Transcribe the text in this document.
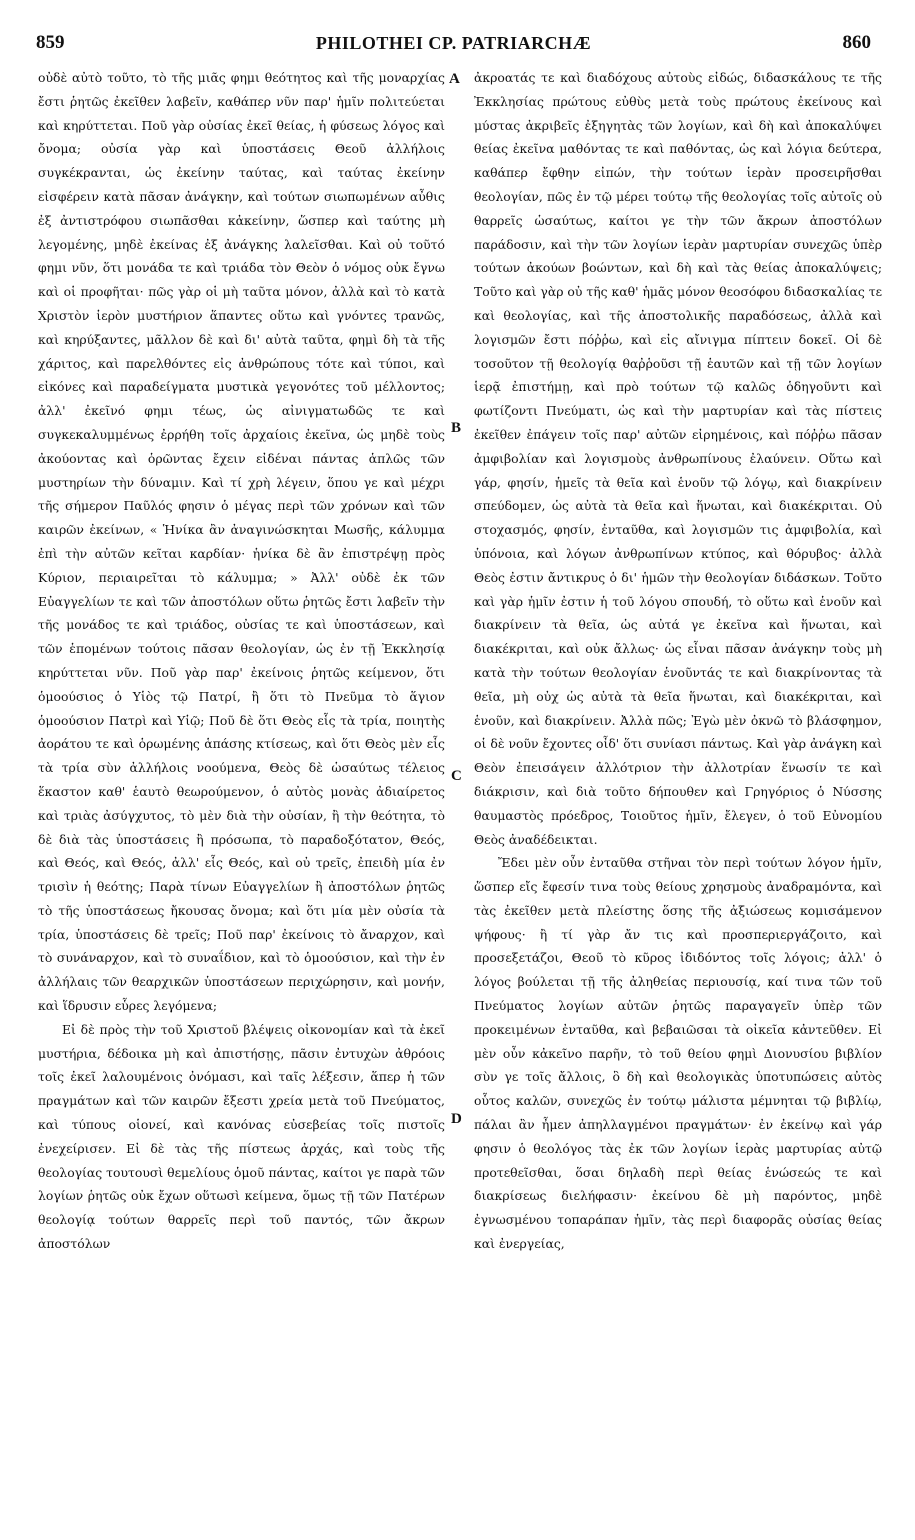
859	PHILOTHEI CP. PATRIARCHÆ	860

οὐδὲ αὐτὸ τοῦτο, τὸ τῆς μιᾶς φημι θεότητος καὶ τῆς μοναρχίας ἔστι ῥητῶς ἐκεῖθεν λαβεῖν, καθάπερ νῦν παρ' ἡμῖν πολιτεύεται καὶ κηρύττεται. Ποῦ γὰρ οὐσίας ἐκεῖ θείας, ἡ φύσεως λόγος καὶ ὄνομα; οὐσία γὰρ καὶ ὑποστάσεις Θεοῦ ἀλλήλοις συγκέκρανται, ὡς ἐκείνην ταύτας, καὶ ταύτας ἐκείνην εἰσφέρειν κατὰ πᾶσαν ἀνάγκην, καὶ τούτων σιωπωμένων αὖθις ἐξ ἀντιστρόφου σιωπᾶσθαι κἀκείνην, ὥσπερ καὶ ταύτης μὴ λεγομένης, μηδὲ ἐκείνας ἐξ ἀνάγκης λαλεῖσθαι. Καὶ οὐ τοῦτό φημι νῦν, ὅτι μονάδα τε καὶ τριάδα τὸν Θεὸν ὁ νόμος οὐκ ἔγνω καὶ οἱ προφῆται· πῶς γὰρ οἱ μὴ ταῦτα μόνον, ἀλλὰ καὶ τὸ κατὰ Χριστὸν ἱερὸν μυστήριον ἅπαντες οὕτω καὶ γνόντες τρανῶς, καὶ κηρύξαντες, μᾶλλον δὲ καὶ δι' αὐτὰ ταῦτα, φημὶ δὴ τὰ τῆς χάριτος, καὶ παρελθόντες εἰς ἀνθρώπους τότε καὶ τύποι, καὶ εἰκόνες καὶ παραδείγματα μυστικὰ γεγονότες τοῦ μέλλοντος; ἀλλ' ἐκεῖνό φημι τέως, ὡς αἰνιγματωδῶς τε καὶ συγκεκαλυμμένως ἐρρήθη τοῖς ἀρχαίοις ἐκεῖνα, ὡς μηδὲ τοὺς ἀκούοντας καὶ ὁρῶντας ἔχειν εἰδέναι πάντας ἁπλῶς τῶν μυστηρίων τὴν δύναμιν. Καὶ τί χρὴ λέγειν, ὅπου γε καὶ μέχρι τῆς σήμερον Παῦλός φησιν ὁ μέγας περὶ τῶν χρόνων καὶ τῶν καιρῶν ἐκείνων, « Ἡνίκα ἂν ἀναγινώσκηται Μωσῆς, κάλυμμα ἐπὶ τὴν αὐτῶν κεῖται καρδίαν· ἡνίκα δὲ ἂν ἐπιστρέψῃ πρὸς Κύριον, περιαιρεῖται τὸ κάλυμμα; » Ἀλλ' οὐδὲ ἐκ τῶν Εὐαγγελίων τε καὶ τῶν ἀποστόλων οὕτω ῥητῶς ἔστι λαβεῖν τὴν τῆς μονάδος τε καὶ τριάδος, οὐσίας τε καὶ ὑποστάσεων, καὶ τῶν ἑπομένων τούτοις πᾶσαν θεολογίαν, ὡς ἐν τῇ Ἐκκλησίᾳ κηρύττεται νῦν. Ποῦ γὰρ παρ' ἐκείνοις ῥητῶς κείμενον, ὅτι ὁμοούσιος ὁ Υἱὸς τῷ Πατρί, ἢ ὅτι τὸ Πνεῦμα τὸ ἅγιον ὁμοούσιον Πατρὶ καὶ Υἱῷ; Ποῦ δὲ ὅτι Θεὸς εἷς τὰ τρία, ποιητὴς ἀοράτου τε καὶ ὁρωμένης ἁπάσης κτίσεως, καὶ ὅτι Θεὸς μὲν εἷς τὰ τρία σὺν ἀλλήλοις νοούμενα, Θεὸς δὲ ὡσαύτως τέλειος ἕκαστον καθ' ἑαυτὸ θεωρούμενον, ὁ αὐτὸς μονὰς ἀδιαίρετος καὶ τριὰς ἀσύγχυτος, τὸ μὲν διὰ τὴν οὐσίαν, ἢ τὴν θεότητα, τὸ δὲ διὰ τὰς ὑποστάσεις ἢ πρόσωπα, τὸ παραδοξότατον, Θεός, καὶ Θεός, καὶ Θεός, ἀλλ' εἷς Θεός, καὶ οὐ τρεῖς, ἐπειδὴ μία ἐν τρισὶν ἡ θεότης; Παρὰ τίνων Εὐαγγελίων ἢ ἀποστόλων ῥητῶς τὸ τῆς ὑποστάσεως ἤκουσας ὄνομα; καὶ ὅτι μία μὲν οὐσία τὰ τρία, ὑποστάσεις δὲ τρεῖς; Ποῦ παρ' ἐκείνοις τὸ ἄναρχον, καὶ τὸ συνάναρχον, καὶ τὸ συναΐδιον, καὶ τὸ ὁμοούσιον, καὶ τὴν ἐν ἀλλήλαις τῶν θεαρχικῶν ὑποστάσεων περιχώρησιν, καὶ μονήν, καὶ ἵδρυσιν εὗρες λεγόμενα;

Εἰ δὲ πρὸς τὴν τοῦ Χριστοῦ βλέψεις οἰκονομίαν καὶ τὰ ἐκεῖ μυστήρια, δέδοικα μὴ καὶ ἀπιστήσῃς, πᾶσιν ἐντυχὼν ἀθρόοις τοῖς ἐκεῖ λαλουμένοις ὀνόμασι, καὶ ταῖς λέξεσιν, ἅπερ ἡ τῶν πραγμάτων καὶ τῶν καιρῶν ἔξεστι χρεία μετὰ τοῦ Πνεύματος, καὶ τύπους οἱονεί, καὶ κανόνας εὐσεβείας τοῖς πιστοῖς ἐνεχείρισεν. Εἰ δὲ τὰς τῆς πίστεως ἀρχάς, καὶ τοὺς τῆς θεολογίας τουτουσὶ θεμελίους ὁμοῦ πάντας, καίτοι γε παρὰ τῶν λογίων ῥητῶς οὐκ ἔχων οὕτωσὶ κείμενα, ὅμως τῇ τῶν Πατέρων θεολογίᾳ τούτων θαρρεῖς περὶ τοῦ παντός, τῶν ἄκρων ἀποστόλων

A
B
C
D

ἀκροατάς τε καὶ διαδόχους αὐτοὺς εἰδώς, διδασκάλους τε τῆς Ἐκκλησίας πρώτους εὐθὺς μετὰ τοὺς πρώτους ἐκείνους καὶ μύστας ἀκριβεῖς ἐξηγητὰς τῶν λογίων, καὶ δὴ καὶ ἀποκαλύψει θείας ἐκεῖνα μαθόντας τε καὶ παθόντας, ὡς καὶ λόγια δεύτερα, καθάπερ ἔφθην εἰπών, τὴν τούτων ἱερὰν προσειρῆσθαι θεολογίαν, πῶς ἐν τῷ μέρει τούτῳ τῆς θεολογίας τοῖς αὐτοῖς οὐ θαρρεῖς ὡσαύτως, καίτοι γε τὴν τῶν ἄκρων ἀποστόλων παράδοσιν, καὶ τὴν τῶν λογίων ἱερὰν μαρτυρίαν συνεχῶς ὑπὲρ τούτων ἀκούων βοώντων, καὶ δὴ καὶ τὰς θείας ἀποκαλύψεις; Τοῦτο καὶ γὰρ οὐ τῆς καθ' ἡμᾶς μόνον θεοσόφου διδασκαλίας τε καὶ θεολογίας, καὶ τῆς ἀποστολικῆς παραδόσεως, ἀλλὰ καὶ λογισμῶν ἔστι πόῤῥω, καὶ εἰς αἴνιγμα πίπτειν δοκεῖ. Οἱ δὲ τοσοῦτον τῇ θεολογίᾳ θαῤῥοῦσι τῇ ἑαυτῶν καὶ τῇ τῶν λογίων ἱερᾷ ἐπιστήμῃ, καὶ πρὸ τούτων τῷ καλῶς ὁδηγοῦντι καὶ φωτίζοντι Πνεύματι, ὡς καὶ τὴν μαρτυρίαν καὶ τὰς πίστεις ἐκεῖθεν ἐπάγειν τοῖς παρ' αὐτῶν εἰρημένοις, καὶ πόῤῥω πᾶσαν ἀμφιβολίαν καὶ λογισμοὺς ἀνθρωπίνους ἐλαύνειν. Οὕτω καὶ γάρ, φησίν, ἡμεῖς τὰ θεῖα καὶ ἑνοῦν τῷ λόγῳ, καὶ διακρίνειν σπεύδομεν, ὡς αὐτὰ τὰ θεῖα καὶ ἥνωται, καὶ διακέκριται. Οὐ στοχασμός, φησίν, ἐνταῦθα, καὶ λογισμῶν τις ἀμφιβολία, καὶ ὑπόνοια, καὶ λόγων ἀνθρωπίνων κτύπος, καὶ θόρυβος· ἀλλὰ Θεὸς ἐστιν ἄντικρυς ὁ δι' ἡμῶν τὴν θεολογίαν διδάσκων. Τοῦτο καὶ γὰρ ἡμῖν ἐστιν ἡ τοῦ λόγου σπουδή, τὸ οὕτω καὶ ἑνοῦν καὶ διακρίνειν τὰ θεῖα, ὡς αὐτά γε ἐκεῖνα καὶ ἥνωται, καὶ διακέκριται, καὶ οὐκ ἄλλως· ὡς εἶναι πᾶσαν ἀνάγκην τοὺς μὴ κατὰ τὴν τούτων θεολογίαν ἑνοῦντάς τε καὶ διακρίνοντας τὰ θεῖα, μὴ οὐχ ὡς αὐτὰ τὰ θεῖα ἥνωται, καὶ διακέκριται, καὶ ἑνοῦν, καὶ διακρίνειν. Ἀλλὰ πῶς; Ἐγὼ μὲν ὀκνῶ τὸ βλάσφημον, οἱ δὲ νοῦν ἔχοντες οἶδ' ὅτι συνίασι πάντως. Καὶ γὰρ ἀνάγκη καὶ Θεὸν ἐπεισάγειν ἀλλότριον τὴν ἀλλοτρίαν ἕνωσίν τε καὶ διάκρισιν, καὶ διὰ τοῦτο δήπουθεν καὶ Γρηγόριος ὁ Νύσσης θαυμαστὸς πρόεδρος, Τοιοῦτος ἡμῖν, ἔλεγεν, ὁ τοῦ Εὐνομίου Θεὸς ἀναδέδεικται.

Ἔδει μὲν οὖν ἐνταῦθα στῆναι τὸν περὶ τούτων λόγον ἡμῖν, ὥσπερ εἴς ἔφεσίν τινα τοὺς θείους χρησμοὺς ἀναδραμόντα, καὶ τὰς ἐκεῖθεν μετὰ πλείστης ὅσης τῆς ἀξιώσεως κομισάμενον ψήφους· ἢ τί γὰρ ἄν τις καὶ προσπεριεργάζοιτο, καὶ προσεξετάζοι, Θεοῦ τὸ κῦρος ἰδιδόντος τοῖς λόγοις; ἀλλ' ὁ λόγος βούλεται τῇ τῆς ἀληθείας περιουσίᾳ, καί τινα τῶν τοῦ Πνεύματος λογίων αὐτῶν ῥητῶς παραγαγεῖν ὑπὲρ τῶν προκειμένων ἐνταῦθα, καὶ βεβαιῶσαι τὰ οἰκεῖα κἀντεῦθεν. Εἰ μὲν οὖν κἀκεῖνο παρῆν, τὸ τοῦ θείου φημὶ Διονυσίου βιβλίον σὺν γε τοῖς ἄλλοις, ὃ δὴ καὶ θεολογικὰς ὑποτυπώσεις αὐτὸς οὗτος καλῶν, συνεχῶς ἐν τούτῳ μάλιστα μέμνηται τῷ βιβλίῳ, πάλαι ἂν ἦμεν ἀπηλλαγμένοι πραγμάτων· ἐν ἐκείνῳ καὶ γάρ φησιν ὁ θεολόγος τὰς ἐκ τῶν λογίων ἱερὰς μαρτυρίας αὐτῷ προτεθεῖσθαι, ὅσαι δηλαδὴ περὶ θείας ἑνώσεώς τε καὶ διακρίσεως διελήφασιν· ἐκείνου δὲ μὴ παρόντος, μηδὲ ἐγνωσμένου τοπαράπαν ἡμῖν, τὰς περὶ διαφορᾶς οὐσίας θείας καὶ ἐνεργείας,
